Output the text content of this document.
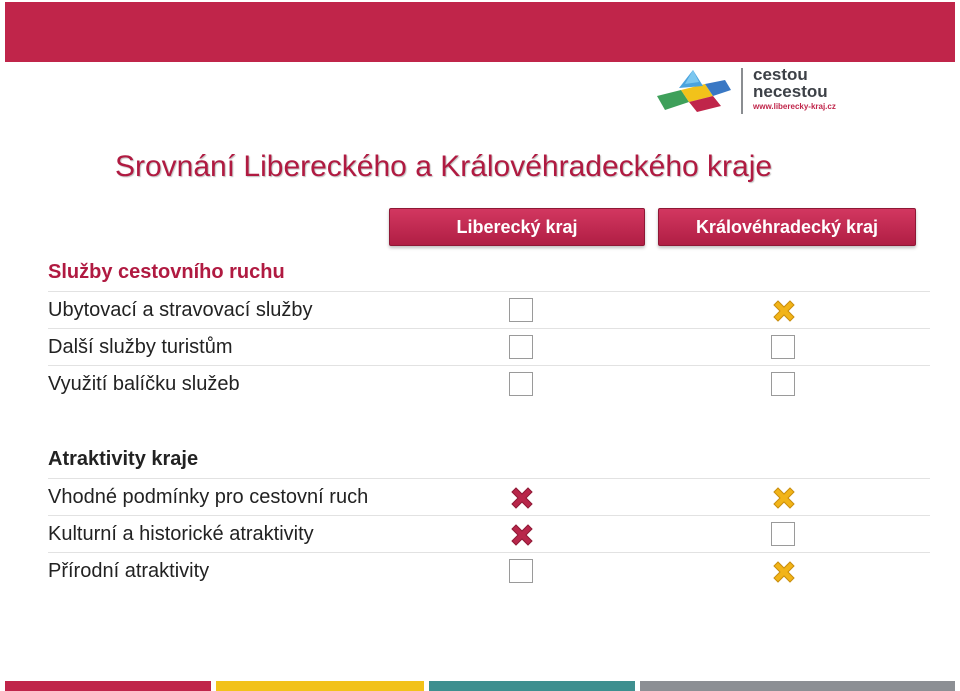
cestou
necestou
www.liberecky-kraj.cz
Srovnání Libereckého a Královéhradeckého kraje
Liberecký kraj	Královéhradecký kraj
Služby cestovního ruchu
Ubytovací a stravovací služby
Další služby turistům
Využití balíčku služeb
Atraktivity kraje
Vhodné podmínky pro cestovní ruch
Kulturní a historické atraktivity
Přírodní atraktivity
